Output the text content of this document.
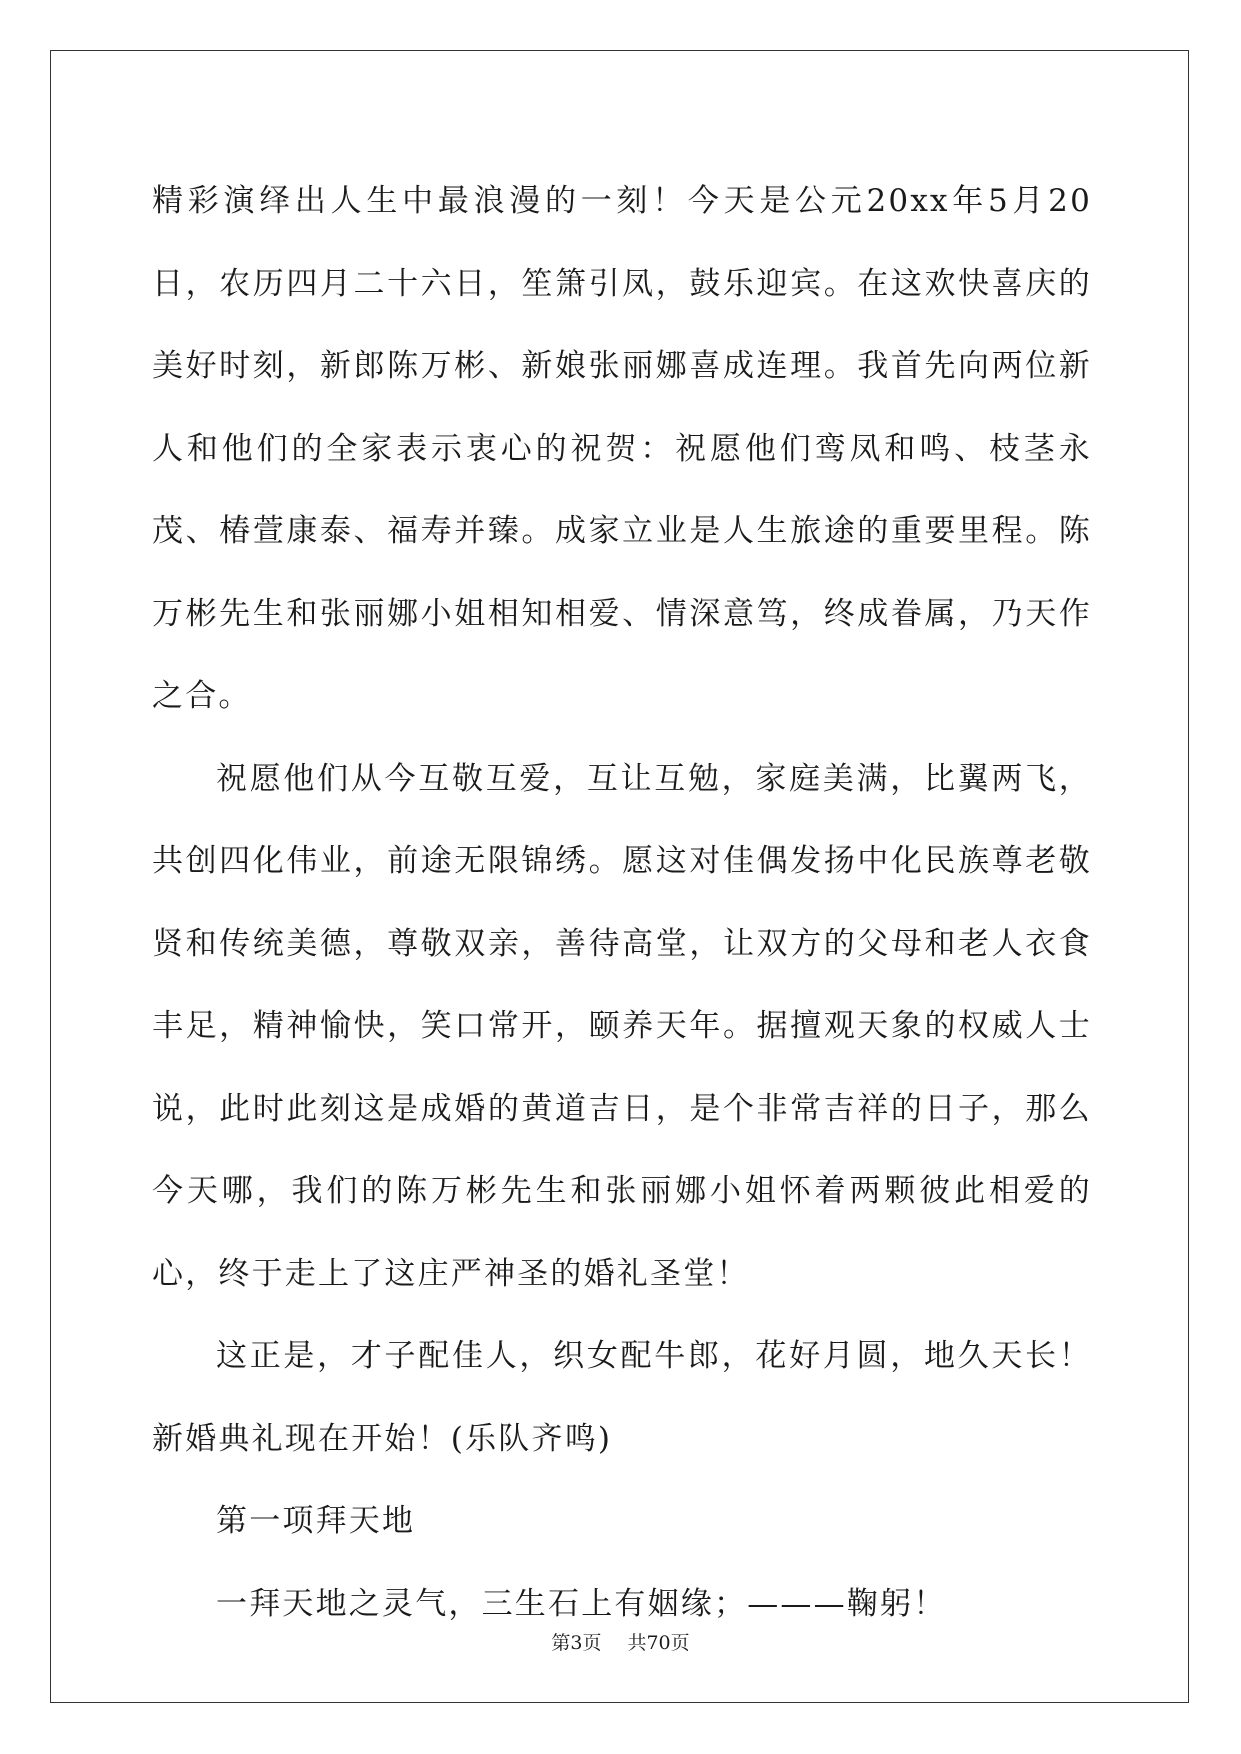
精彩演绎出人生中最浪漫的一刻！今天是公元20xx年5月20日，农历四月二十六日，笙箫引凤，鼓乐迎宾。在这欢快喜庆的美好时刻，新郎陈万彬、新娘张丽娜喜成连理。我首先向两位新人和他们的全家表示衷心的祝贺：祝愿他们鸾凤和鸣、枝茎永茂、椿萱康泰、福寿并臻。成家立业是人生旅途的重要里程。陈万彬先生和张丽娜小姐相知相爱、情深意笃，终成眷属，乃天作之合。

祝愿他们从今互敬互爱，互让互勉，家庭美满，比翼两飞，共创四化伟业，前途无限锦绣。愿这对佳偶发扬中化民族尊老敬贤和传统美德，尊敬双亲，善待高堂，让双方的父母和老人衣食丰足，精神愉快，笑口常开，颐养天年。据擅观天象的权威人士说，此时此刻这是成婚的黄道吉日，是个非常吉祥的日子，那么今天哪，我们的陈万彬先生和张丽娜小姐怀着两颗彼此相爱的心，终于走上了这庄严神圣的婚礼圣堂！

这正是，才子配佳人，织女配牛郎，花好月圆，地久天长！新婚典礼现在开始！(乐队齐鸣)

第一项拜天地

一拜天地之灵气，三生石上有姻缘；———鞠躬！

第3页 共70页
